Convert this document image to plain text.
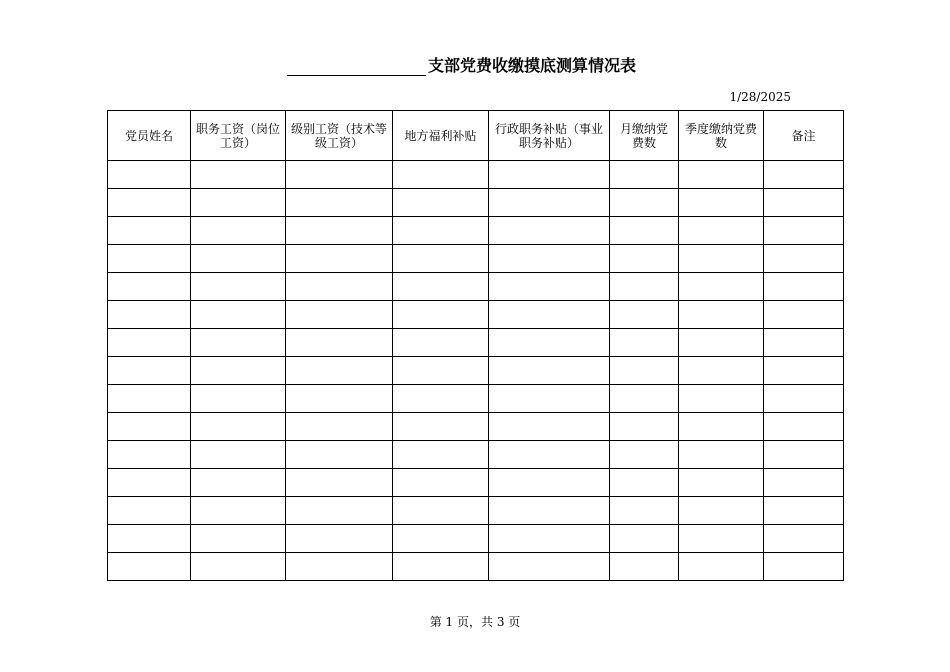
支部党费收缴摸底测算情况表
1/28/2025
党员姓名	职务工资（岗位工资）	级别工资（技术等级工资）	地方福利补贴	行政职务补贴（事业职务补贴）	月缴纳党费数	季度缴纳党费数	备注

第 1 页，共 3 页
